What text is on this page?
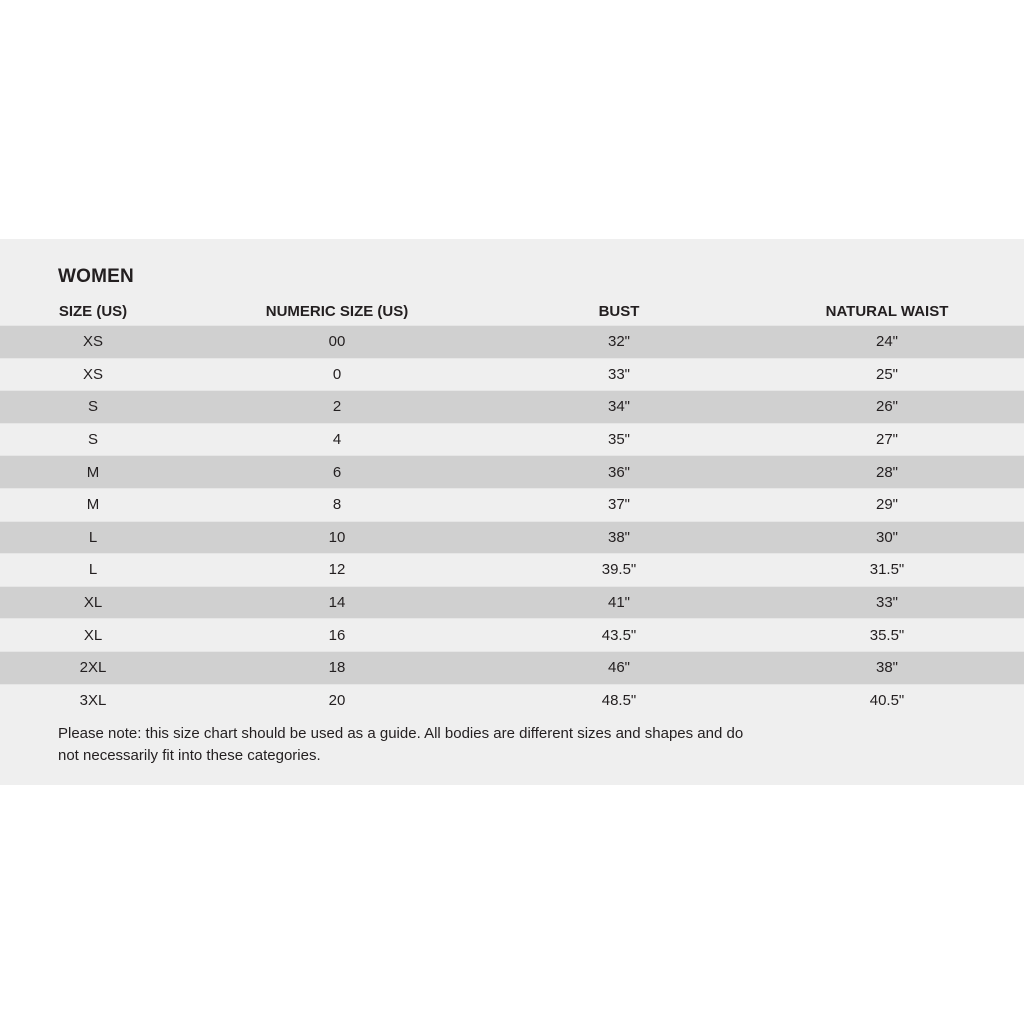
WOMEN
SIZE (US)	NUMERIC SIZE (US)	BUST	NATURAL WAIST
XS	00	32"	24"
XS	0	33"	25"
S	2	34"	26"
S	4	35"	27"
M	6	36"	28"
M	8	37"	29"
L	10	38"	30"
L	12	39.5"	31.5"
XL	14	41"	33"
XL	16	43.5"	35.5"
2XL	18	46"	38"
3XL	20	48.5"	40.5"

Please note: this size chart should be used as a guide. All bodies are different sizes and shapes and do not necessarily fit into these categories.
